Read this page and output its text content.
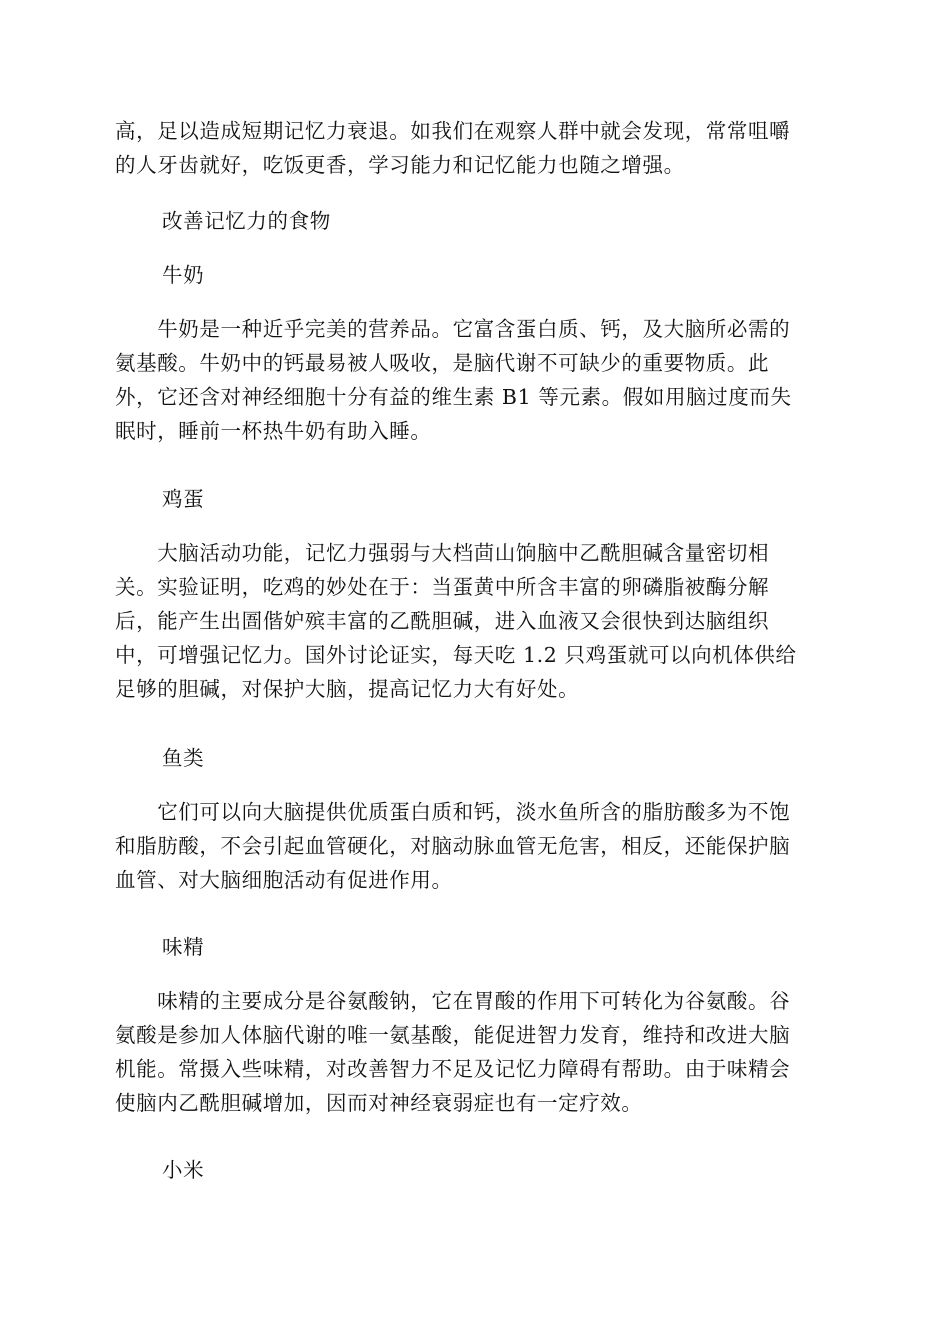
高，足以造成短期记忆力衰退。如我们在观察人群中就会发现，常常咀嚼
的人牙齿就好，吃饭更香，学习能力和记忆能力也随之增强。

改善记忆力的食物

牛奶

　　牛奶是一种近乎完美的营养品。它富含蛋白质、钙，及大脑所必需的
氨基酸。牛奶中的钙最易被人吸收，是脑代谢不可缺少的重要物质。此
外，它还含对神经细胞十分有益的维生素 B1 等元素。假如用脑过度而失
眠时，睡前一杯热牛奶有助入睡。

鸡蛋

　　大脑活动功能，记忆力强弱与大档茴山饷脑中乙酰胆碱含量密切相
关。实验证明，吃鸡的妙处在于：当蛋黄中所含丰富的卵磷脂被酶分解
后，能产生出圄偕妒殡丰富的乙酰胆碱，进入血液又会很快到达脑组织
中，可增强记忆力。国外讨论证实，每天吃 1.2 只鸡蛋就可以向机体供给
足够的胆碱，对保护大脑，提高记忆力大有好处。

鱼类

　　它们可以向大脑提供优质蛋白质和钙，淡水鱼所含的脂肪酸多为不饱
和脂肪酸，不会引起血管硬化，对脑动脉血管无危害，相反，还能保护脑
血管、对大脑细胞活动有促进作用。

味精

　　味精的主要成分是谷氨酸钠，它在胃酸的作用下可转化为谷氨酸。谷
氨酸是参加人体脑代谢的唯一氨基酸，能促进智力发育，维持和改进大脑
机能。常摄入些味精，对改善智力不足及记忆力障碍有帮助。由于味精会
使脑内乙酰胆碱增加，因而对神经衰弱症也有一定疗效。

小米
